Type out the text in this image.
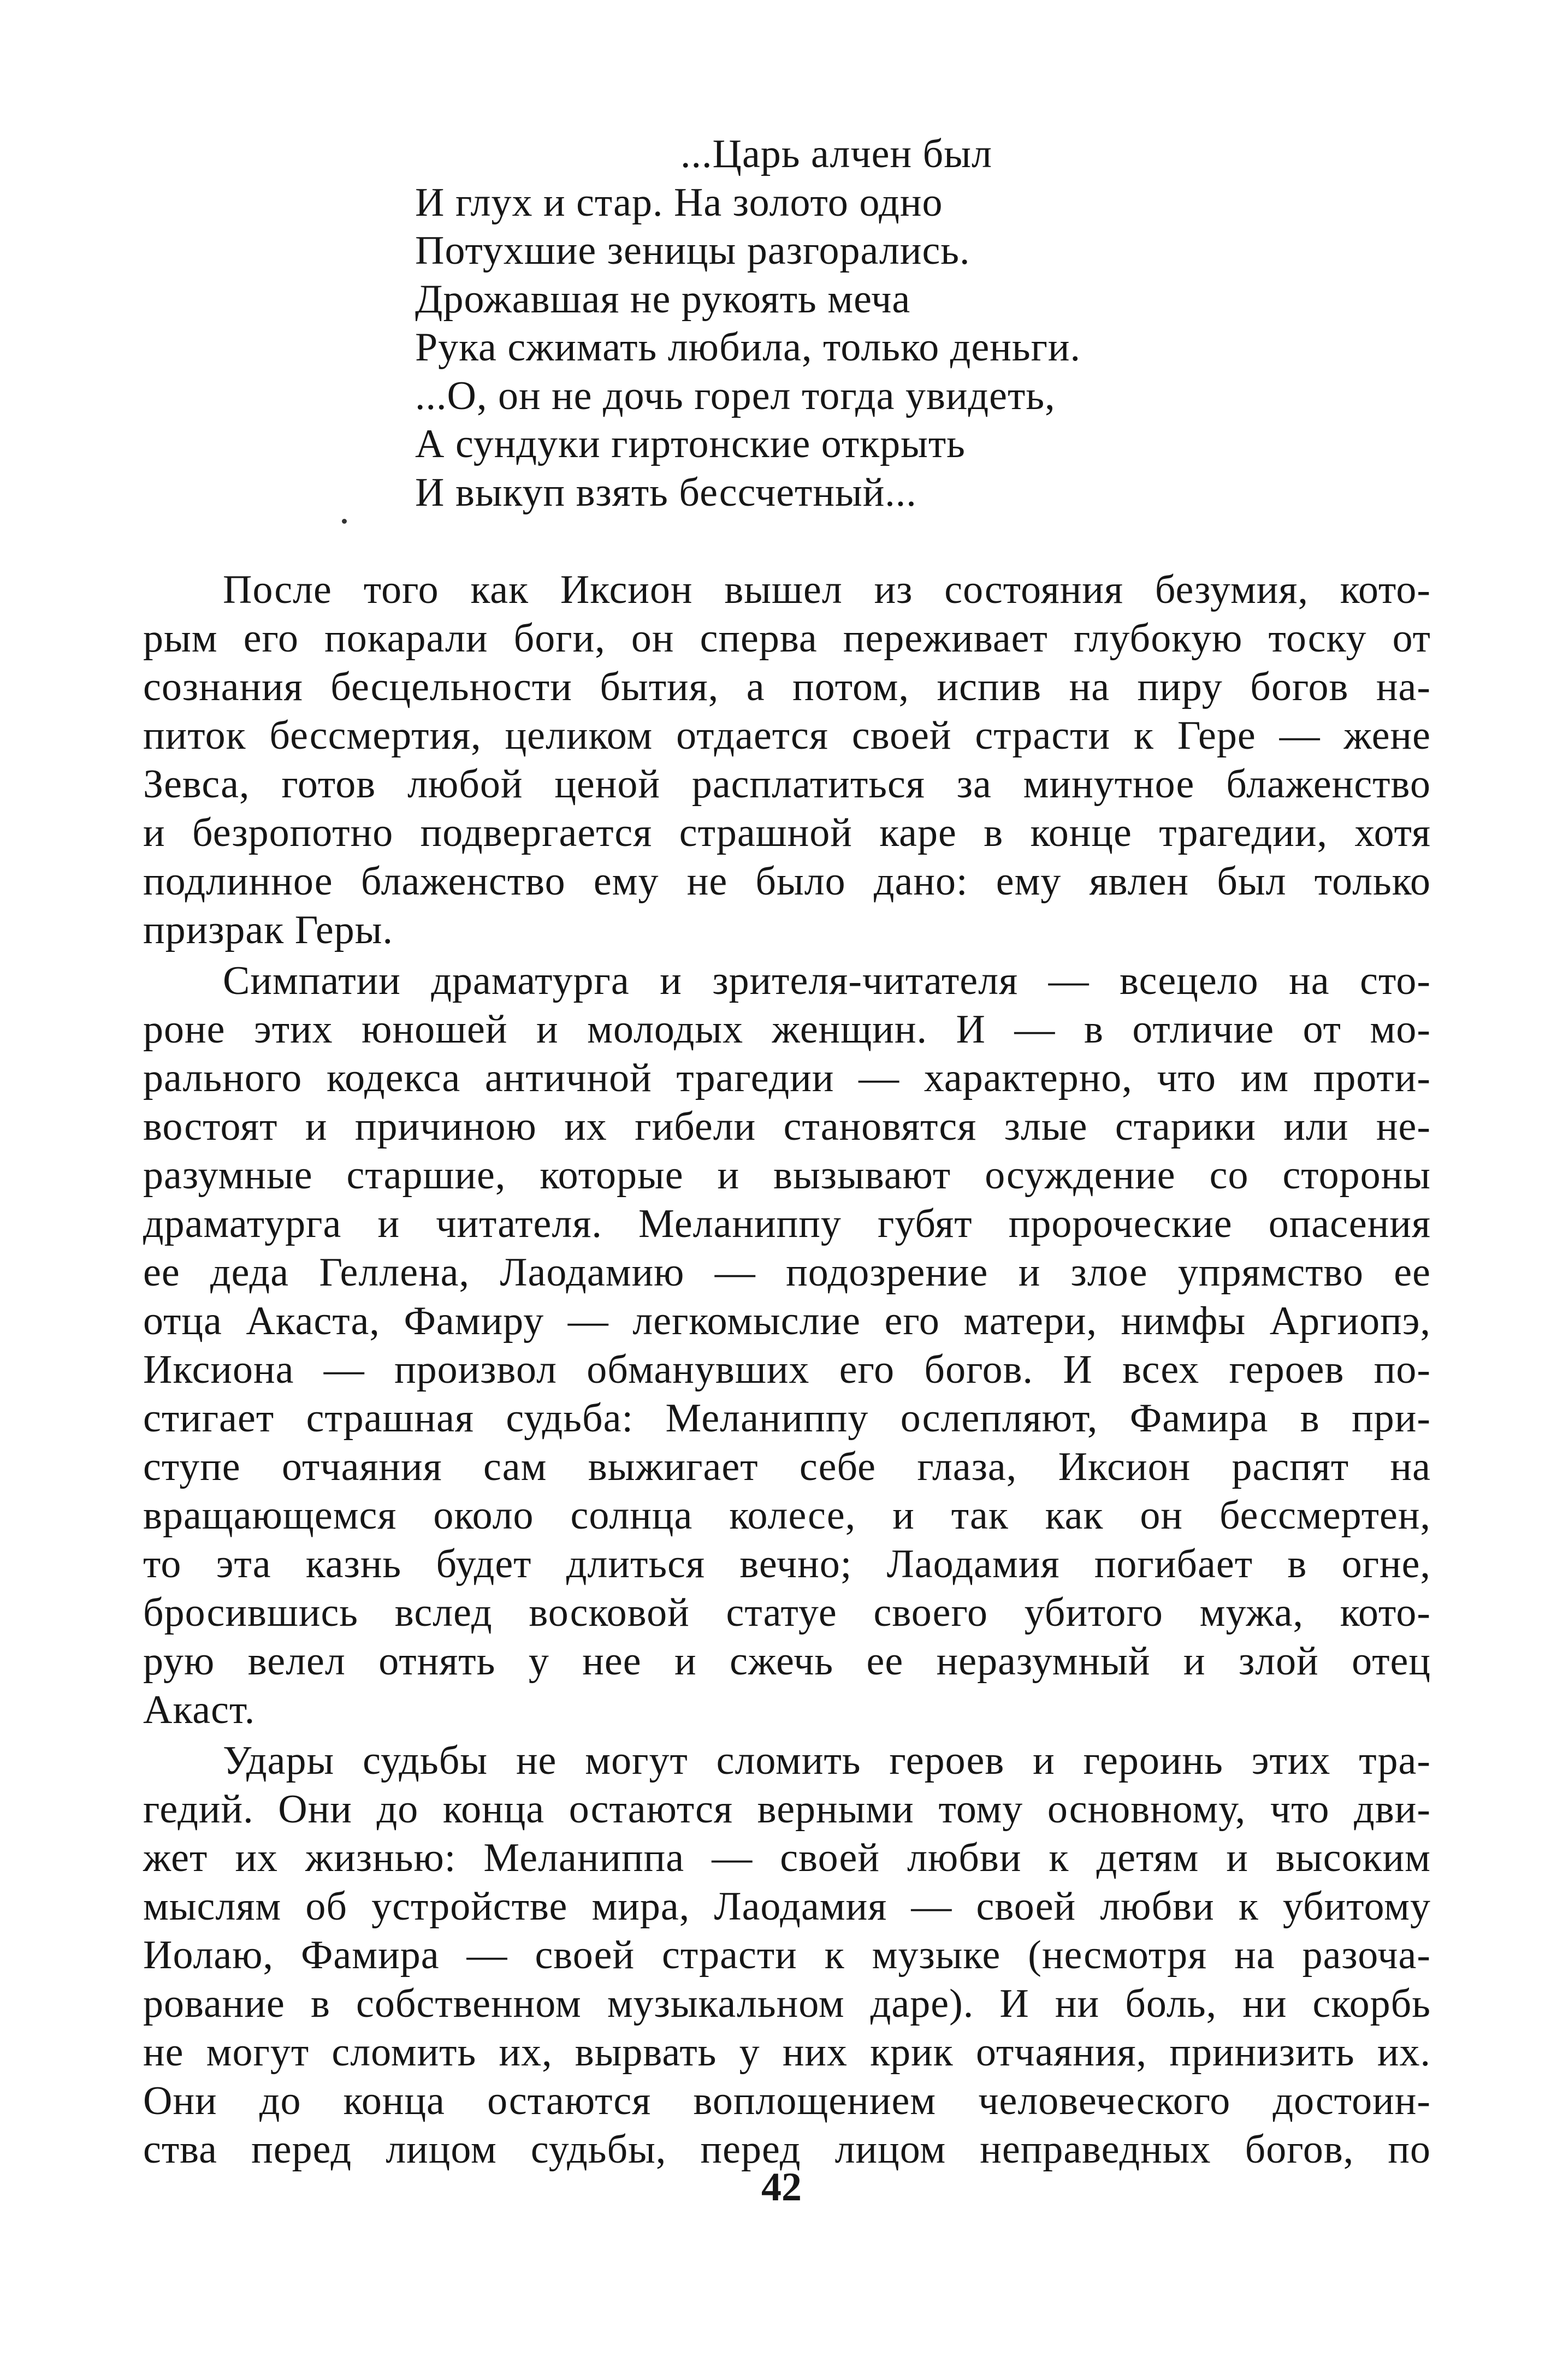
...Царь алчен был
И глух и стар. На золото одно
Потухшие зеницы разгорались.
Дрожавшая не рукоять меча
Рука сжимать любила, только деньги.
...О, он не дочь горел тогда увидеть,
А сундуки гиртонские открыть
И выкуп взять бессчетный...
После того как Иксион вышел из состояния безумия, кото-
рым его покарали боги, он сперва переживает глубокую тоску от
сознания бесцельности бытия, а потом, испив на пиру богов на-
питок бессмертия, целиком отдается своей страсти к Гере — жене
Зевса, готов любой ценой расплатиться за минутное блаженство
и безропотно подвергается страшной каре в конце трагедии, хотя
подлинное блаженство ему не было дано: ему явлен был только
призрак Геры.
Симпатии драматурга и зрителя-читателя — всецело на сто-
роне этих юношей и молодых женщин. И — в отличие от мо-
рального кодекса античной трагедии — характерно, что им проти-
востоят и причиною их гибели становятся злые старики или не-
разумные старшие, которые и вызывают осуждение со стороны
драматурга и читателя. Меланиппу губят пророческие опасения
ее деда Геллена, Лаодамию — подозрение и злое упрямство ее
отца Акаста, Фамиру — легкомыслие его матери, нимфы Аргиопэ,
Иксиона — произвол обманувших его богов. И всех героев по-
стигает страшная судьба: Меланиппу ослепляют, Фамира в при-
ступе отчаяния сам выжигает себе глаза, Иксион распят на
вращающемся около солнца колесе, и так как он бессмертен,
то эта казнь будет длиться вечно; Лаодамия погибает в огне,
бросившись вслед восковой статуе своего убитого мужа, кото-
рую велел отнять у нее и сжечь ее неразумный и злой отец
Акаст.
Удары судьбы не могут сломить героев и героинь этих тра-
гедий. Они до конца остаются верными тому основному, что дви-
жет их жизнью: Меланиппа — своей любви к детям и высоким
мыслям об устройстве мира, Лаодамия — своей любви к убитому
Иолаю, Фамира — своей страсти к музыке (несмотря на разоча-
рование в собственном музыкальном даре). И ни боль, ни скорбь
не могут сломить их, вырвать у них крик отчаяния, принизить их.
Они до конца остаются воплощением человеческого достоин-
ства перед лицом судьбы, перед лицом неправедных богов, по
42
